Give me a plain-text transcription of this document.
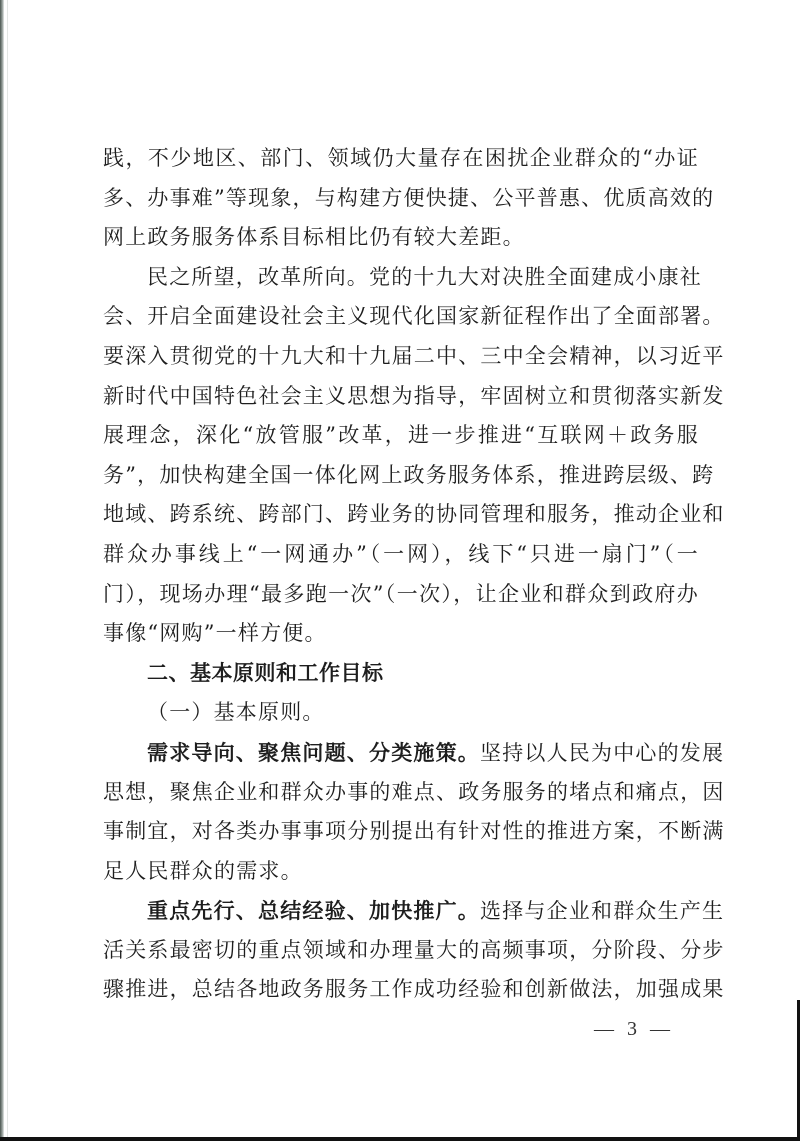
践，不少地区、部门、领域仍大量存在困扰企业群众的“办证
多、办事难”等现象，与构建方便快捷、公平普惠、优质高效的
网上政务服务体系目标相比仍有较大差距。
民之所望，改革所向。党的十九大对决胜全面建成小康社
会、开启全面建设社会主义现代化国家新征程作出了全面部署。
要深入贯彻党的十九大和十九届二中、三中全会精神，以习近平
新时代中国特色社会主义思想为指导，牢固树立和贯彻落实新发
展理念，深化“放管服”改革，进一步推进“互联网＋政务服
务”，加快构建全国一体化网上政务服务体系，推进跨层级、跨
地域、跨系统、跨部门、跨业务的协同管理和服务，推动企业和
群众办事线上“一网通办”（一网），线下“只进一扇门”（一
门），现场办理“最多跑一次”（一次），让企业和群众到政府办
事像“网购”一样方便。
二、基本原则和工作目标
（一）基本原则。
需求导向、聚焦问题、分类施策。坚持以人民为中心的发展
思想，聚焦企业和群众办事的难点、政务服务的堵点和痛点，因
事制宜，对各类办事事项分别提出有针对性的推进方案，不断满
足人民群众的需求。
重点先行、总结经验、加快推广。选择与企业和群众生产生
活关系最密切的重点领域和办理量大的高频事项，分阶段、分步
骤推进，总结各地政务服务工作成功经验和创新做法，加强成果
— 3 —
